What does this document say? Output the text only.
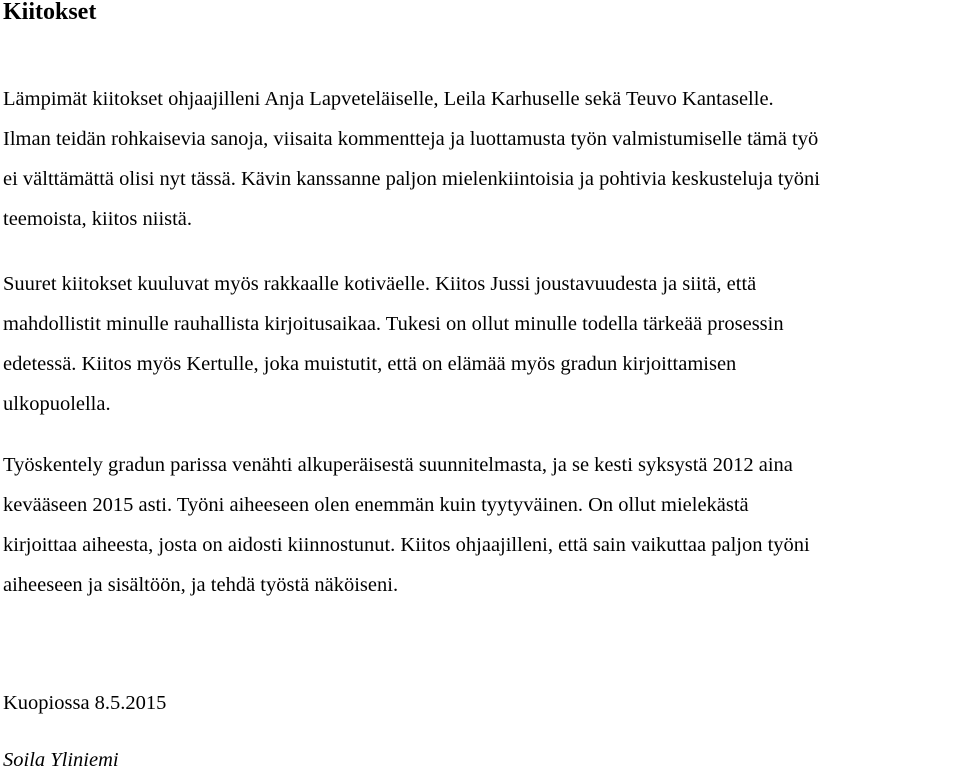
Kiitokset

Lämpimät kiitokset ohjaajilleni Anja Lapveteläiselle, Leila Karhuselle sekä Teuvo Kantaselle.
Ilman teidän rohkaisevia sanoja, viisaita kommentteja ja luottamusta työn valmistumiselle tämä työ
ei välttämättä olisi nyt tässä. Kävin kanssanne paljon mielenkiintoisia ja pohtivia keskusteluja työni
teemoista, kiitos niistä.

Suuret kiitokset kuuluvat myös rakkaalle kotiväelle. Kiitos Jussi joustavuudesta ja siitä, että
mahdollistit minulle rauhallista kirjoitusaikaa. Tukesi on ollut minulle todella tärkeää prosessin
edetessä. Kiitos myös Kertulle, joka muistutit, että on elämää myös gradun kirjoittamisen
ulkopuolella.

Työskentely gradun parissa venähti alkuperäisestä suunnitelmasta, ja se kesti syksystä 2012 aina
kevääseen 2015 asti. Työni aiheeseen olen enemmän kuin tyytyväinen. On ollut mielekästä
kirjoittaa aiheesta, josta on aidosti kiinnostunut. Kiitos ohjaajilleni, että sain vaikuttaa paljon työni
aiheeseen ja sisältöön, ja tehdä työstä näköiseni.

Kuopiossa 8.5.2015

Soila Yliniemi
